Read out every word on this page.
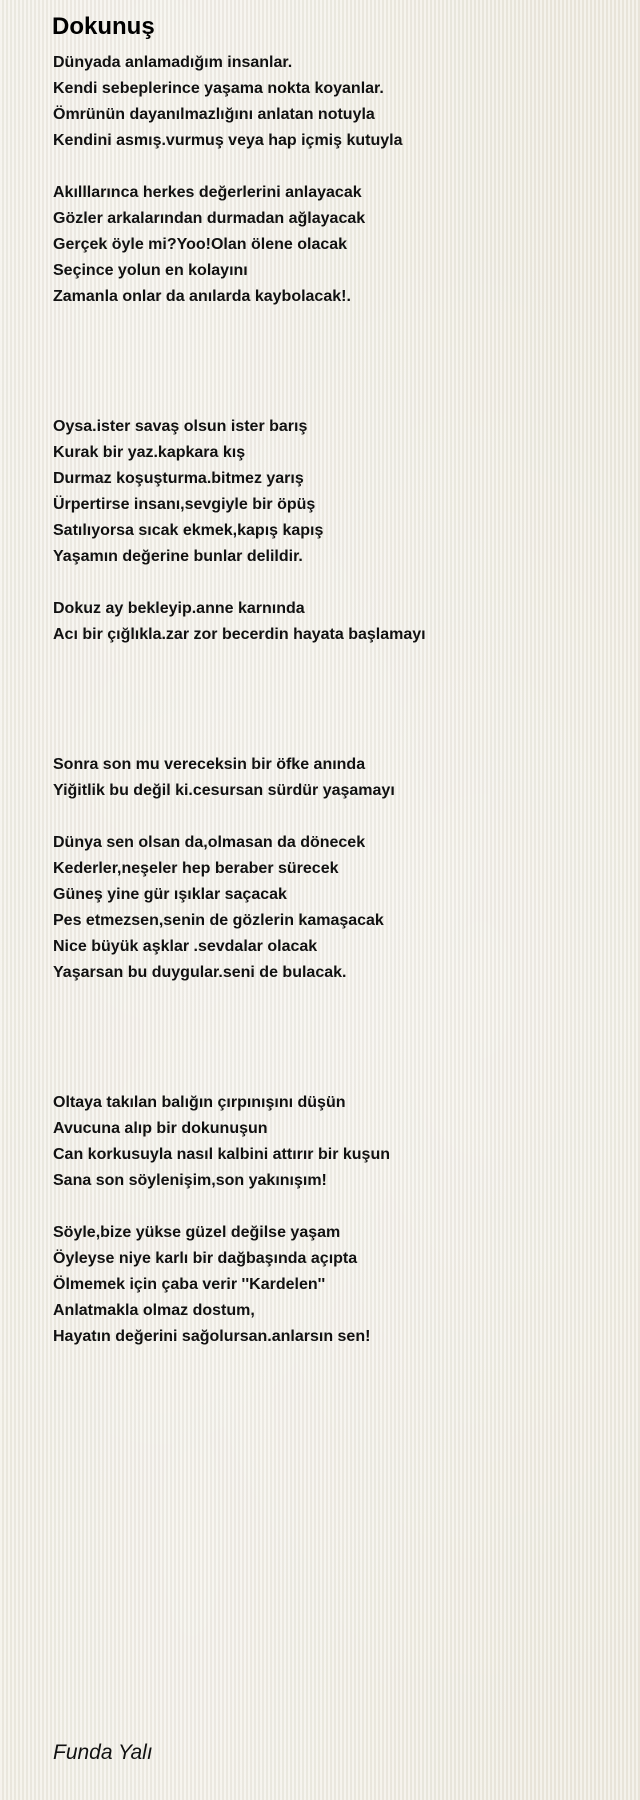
Dokunuş
Dünyada anlamadığım insanlar.
Kendi sebeplerince yaşama nokta koyanlar.
Ömrünün dayanılmazlığını anlatan notuyla
Kendini asmış.vurmuş veya hap içmiş kutuyla
Akılllarınca herkes değerlerini anlayacak
Gözler arkalarından durmadan ağlayacak
Gerçek öyle mi?Yoo!Olan ölene olacak
Seçince yolun en kolayını
Zamanla onlar da anılarda kaybolacak!.
Oysa.ister savaş olsun ister barış
Kurak bir yaz.kapkara kış
Durmaz koşuşturma.bitmez yarış
Ürpertirse insanı,sevgiyle bir öpüş
Satılıyorsa sıcak ekmek,kapış kapış
Yaşamın değerine bunlar delildir.
Dokuz ay bekleyip.anne karnında
Acı bir çığlıkla.zar zor becerdin hayata başlamayı
Sonra son mu vereceksin bir öfke anında
Yiğitlik bu değil ki.cesursan sürdür yaşamayı
Dünya sen olsan da,olmasan da dönecek
Kederler,neşeler hep beraber sürecek
Güneş yine gür ışıklar saçacak
Pes etmezsen,senin de gözlerin kamaşacak
Nice büyük aşklar .sevdalar olacak
Yaşarsan bu duygular.seni de bulacak.
Oltaya takılan balığın çırpınışını düşün
Avucuna alıp bir dokunuşun
Can korkusuyla nasıl kalbini attırır bir kuşun
Sana son söylenişim,son yakınışım!
Söyle,bize yükse güzel değilse yaşam
Öyleyse niye karlı bir dağbaşında açıpta
Ölmemek için çaba verir ''Kardelen''
Anlatmakla olmaz dostum,
Hayatın değerini sağolursan.anlarsın sen!

Funda Yalı
